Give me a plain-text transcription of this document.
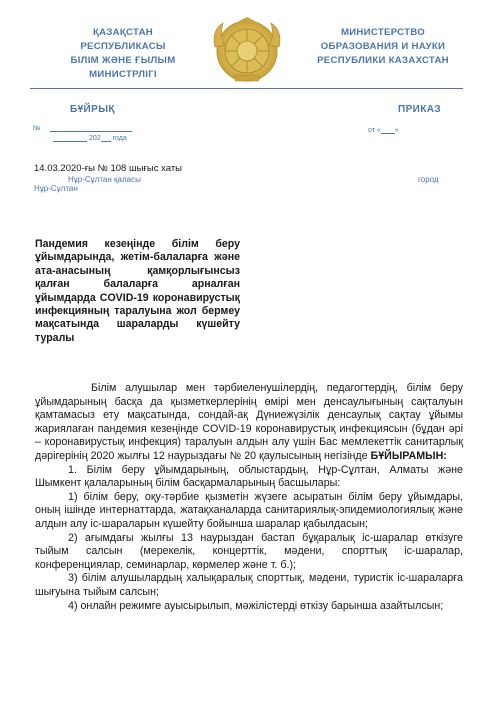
ҚАЗАҚСТАН
РЕСПУБЛИКАСЫ
БІЛІМ ЖӘНЕ ҒЫЛЫМ
МИНИСТРЛІГІ
МИНИСТЕРСТВО
ОБРАЗОВАНИЯ И НАУКИ
РЕСПУБЛИКИ КАЗАХСТАН
БҰЙРЫҚ	ПРИКАЗ
№
202 года
от « »
Нұр-Сұлтан қаласы	город
Нұр-Сұлтан
14.03.2020-ғы № 108 шығыс хаты
Пандемия кезеңінде білім беру ұйымдарында, жетім-балаларға және ата-анасының қамқорлығынсыз қалған балаларға арналған ұйымдарда COVID-19 коронавирустық инфекцияның таралуына жол бермеу мақсатында шараларды күшейту туралы

Білім алушылар мен тәрбиеленушілердің, педагогтердің, білім беру ұйымдарының басқа да қызметкерлерінің өмірі мен денсаулығының сақталуын қамтамасыз ету мақсатында, сондай-ақ Дүниежүзілік денсаулық сақтау ұйымы жариялаған пандемия кезеңінде COVID-19 коронавирустық инфекциясын (бұдан әрі – коронавирустық инфекция) таралуын алдын алу үшін Бас мемлекеттік санитарлық дәрігерінің 2020 жылғы 12 наурыздағы № 20 қаулысының негізінде БҰЙЫРАМЫН:

1. Білім беру ұйымдарының, облыстардың, Нұр-Сұлтан, Алматы және Шымкент қалаларының білім басқармаларының басшылары:

1) білім беру, оқу-тәрбие қызметін жүзеге асыратын білім беру ұйымдары, оның ішінде интернаттарда, жатақханаларда санитариялық-эпидемиологиялық және алдын алу іс-шараларын күшейту бойынша шаралар қабылдасын;

2) ағымдағы жылғы 13 наурыздан бастап бұқаралық іс-шаралар өткізуге тыйым салсын (мерекелік, концерттік, мәдени, спорттық іс-шаралар, конференциялар, семинарлар, көрмелер және т. б.);

3) білім алушылардың халықаралық спорттық, мәдени, туристік іс-шараларға шығуына тыйым салсын;

4) онлайн режимге ауысырылып, мәжілістерді өткізу барынша азайтылсын;
